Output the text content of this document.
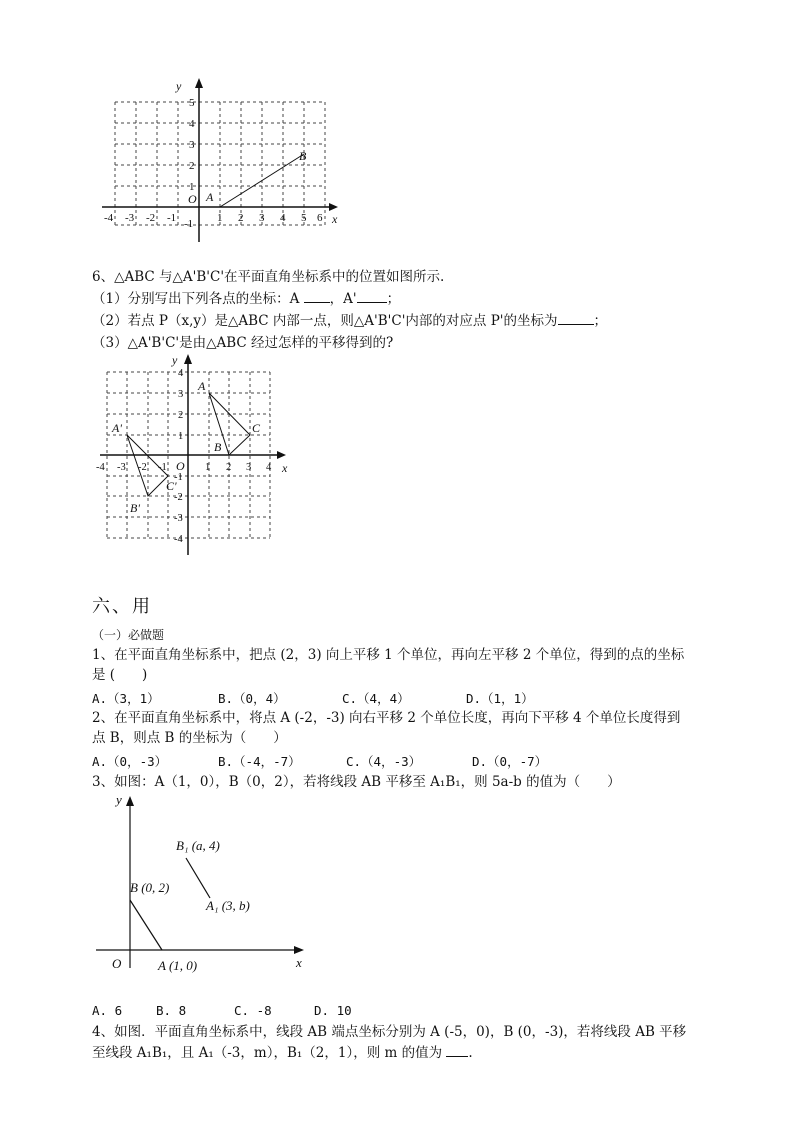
y
x
O A
B
-4 -3 -2 -1	1 2 3 4 5 6
1
2
3
4
5
-1
6、△ABC 与△A'B'C'在平面直角坐标系中的位置如图所示.
（1）分别写出下列各点的坐标：A ，A' ；
（2）若点 P（x,y）是△ABC 内部一点，则△A'B'C'内部的对应点 P'的坐标为	；
（3）△A'B'C'是由△ABC 经过怎样的平移得到的?
y
x
O
A
B
C
A'
B'
C'
-4 -3 -2 -1	1 2 3 4
1
2
3
4
-1
-2
-3
-4
六、用
（一）必做题
1、在平面直角坐标系中，把点 (2，3) 向上平移 1 个单位，再向左平移 2 个单位，得到的点的坐标
是 (　　)
A.（3，1）	B.（0，4）	C.（4，4）	D.（1，1）
2、在平面直角坐标系中，将点 A (-2，-3) 向右平移 2 个单位长度，再向下平移 4 个单位长度得到
点 B，则点 B 的坐标为（　　）
A.（0，-3）	B.（-4，-7）	C.（4，-3）	D.（0，-7）
3、如图：A（1，0），B（0，2），若将线段 AB 平移至 A₁B₁，则 5a-b 的值为（　　）
y
x
O
B (0, 2)
A (1, 0)
B₁ (a, 4)
A₁ (3, b)
A. 6	B. 8	C. -8	D. 10
4、如图．平面直角坐标系中，线段 AB 端点坐标分别为 A (-5，0)，B (0，-3)，若将线段 AB 平移
至线段 A₁B₁，且 A₁（-3，m），B₁（2，1），则 m 的值为 .
